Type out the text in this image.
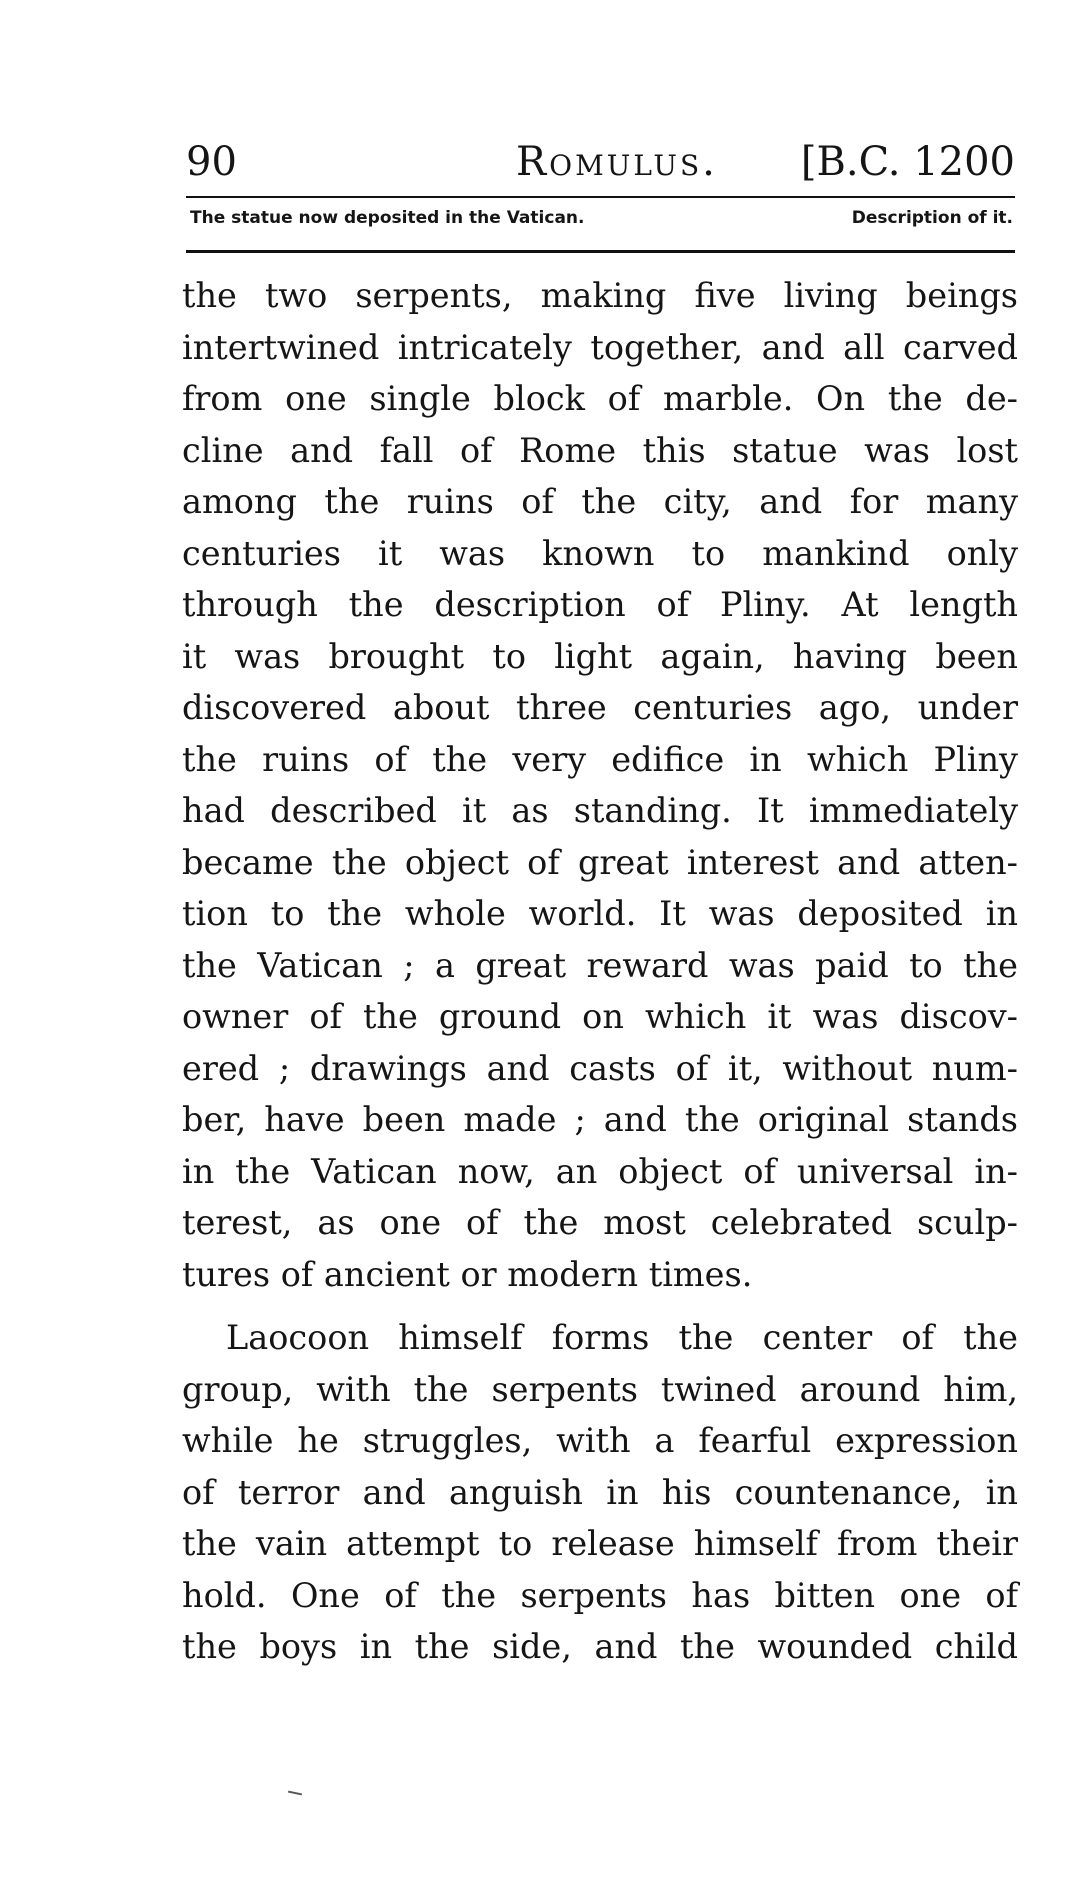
90	Romulus. [B.C. 1200
The statue now deposited in the Vatican.	Description of it.
the two serpents, making five living beings
intertwined intricately together, and all carved
from one single block of marble. On the de-
cline and fall of Rome this statue was lost
among the ruins of the city, and for many
centuries it was known to mankind only
through the description of Pliny. At length
it was brought to light again, having been
discovered about three centuries ago, under
the ruins of the very edifice in which Pliny
had described it as standing. It immediately
became the object of great interest and atten-
tion to the whole world. It was deposited in
the Vatican ; a great reward was paid to the
owner of the ground on which it was discov-
ered ; drawings and casts of it, without num-
ber, have been made ; and the original stands
in the Vatican now, an object of universal in-
terest, as one of the most celebrated sculp-
tures of ancient or modern times.
Laocoon himself forms the center of the
group, with the serpents twined around him,
while he struggles, with a fearful expression
of terror and anguish in his countenance, in
the vain attempt to release himself from their
hold. One of the serpents has bitten one of
the boys in the side, and the wounded child
